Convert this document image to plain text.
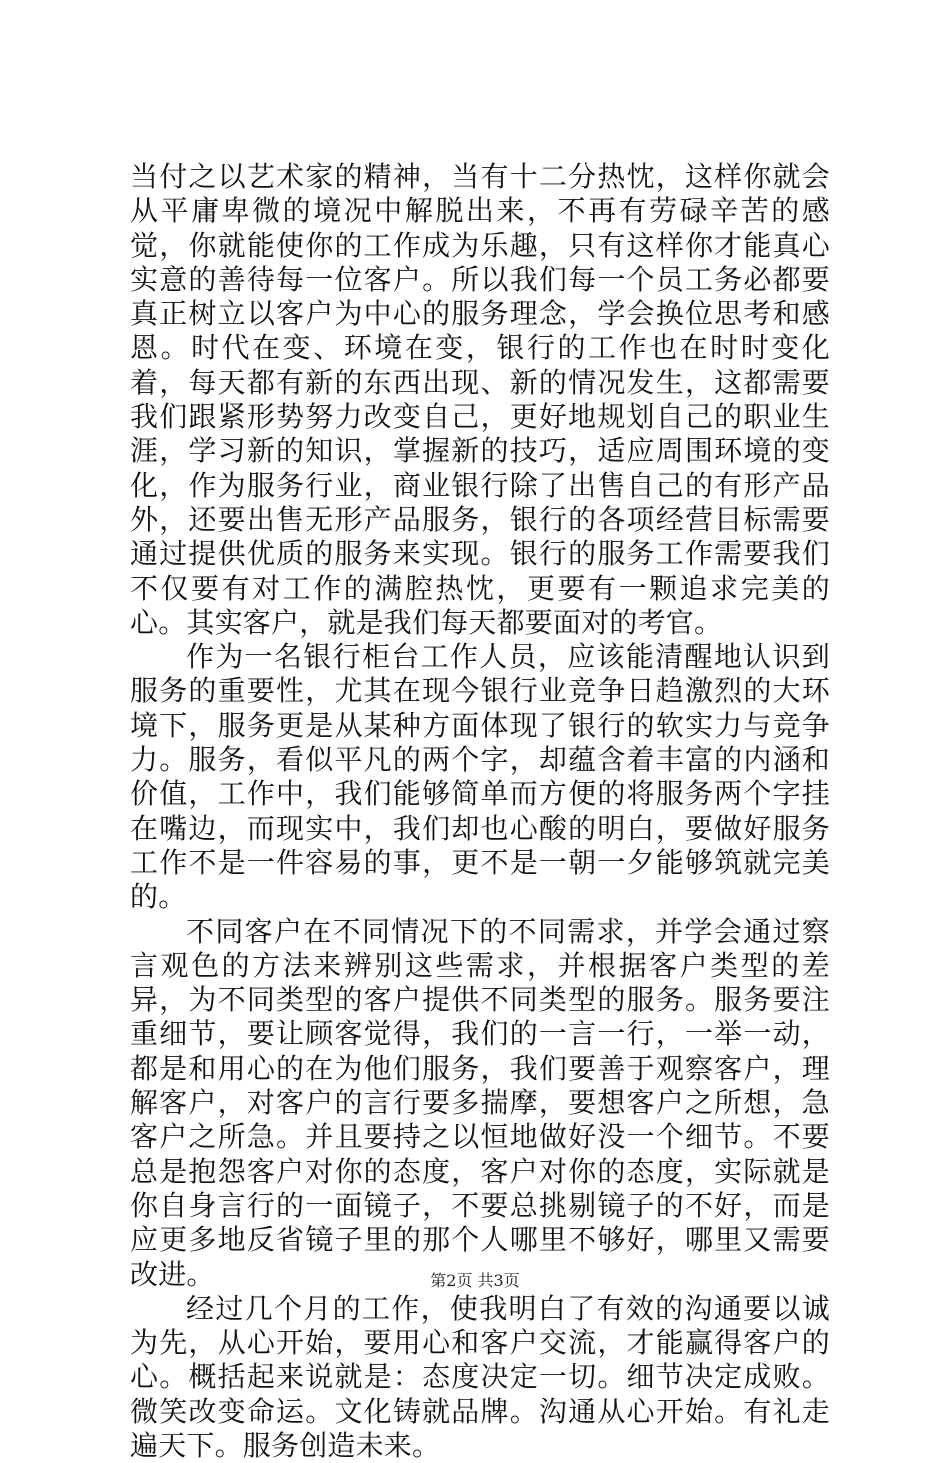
当付之以艺术家的精神，当有十二分热忱，这样你就会从平庸卑微的境况中解脱出来，不再有劳碌辛苦的感觉，你就能使你的工作成为乐趣，只有这样你才能真心实意的善待每一位客户。所以我们每一个员工务必都要真正树立以客户为中心的服务理念，学会换位思考和感恩。时代在变、环境在变，银行的工作也在时时变化着，每天都有新的东西出现、新的情况发生，这都需要我们跟紧形势努力改变自己，更好地规划自己的职业生涯，学习新的知识，掌握新的技巧，适应周围环境的变化，作为服务行业，商业银行除了出售自己的有形产品外，还要出售无形产品服务，银行的各项经营目标需要通过提供优质的服务来实现。银行的服务工作需要我们不仅要有对工作的满腔热忱，更要有一颗追求完美的心。其实客户，就是我们每天都要面对的考官。

作为一名银行柜台工作人员，应该能清醒地认识到服务的重要性，尤其在现今银行业竞争日趋激烈的大环境下，服务更是从某种方面体现了银行的软实力与竞争力。服务，看似平凡的两个字，却蕴含着丰富的内涵和价值，工作中，我们能够简单而方便的将服务两个字挂在嘴边，而现实中，我们却也心酸的明白，要做好服务工作不是一件容易的事，更不是一朝一夕能够筑就完美的。

不同客户在不同情况下的不同需求，并学会通过察言观色的方法来辨别这些需求，并根据客户类型的差异，为不同类型的客户提供不同类型的服务。服务要注重细节，要让顾客觉得，我们的一言一行，一举一动，都是和用心的在为他们服务，我们要善于观察客户，理解客户，对客户的言行要多揣摩，要想客户之所想，急客户之所急。并且要持之以恒地做好没一个细节。不要总是抱怨客户对你的态度，客户对你的态度，实际就是你自身言行的一面镜子，不要总挑剔镜子的不好，而是应更多地反省镜子里的那个人哪里不够好，哪里又需要改进。

经过几个月的工作，使我明白了有效的沟通要以诚为先，从心开始，要用心和客户交流，才能赢得客户的心。概括起来说就是：态度决定一切。细节决定成败。微笑改变命运。文化铸就品牌。沟通从心开始。有礼走遍天下。服务创造未来。

第2页 共3页
